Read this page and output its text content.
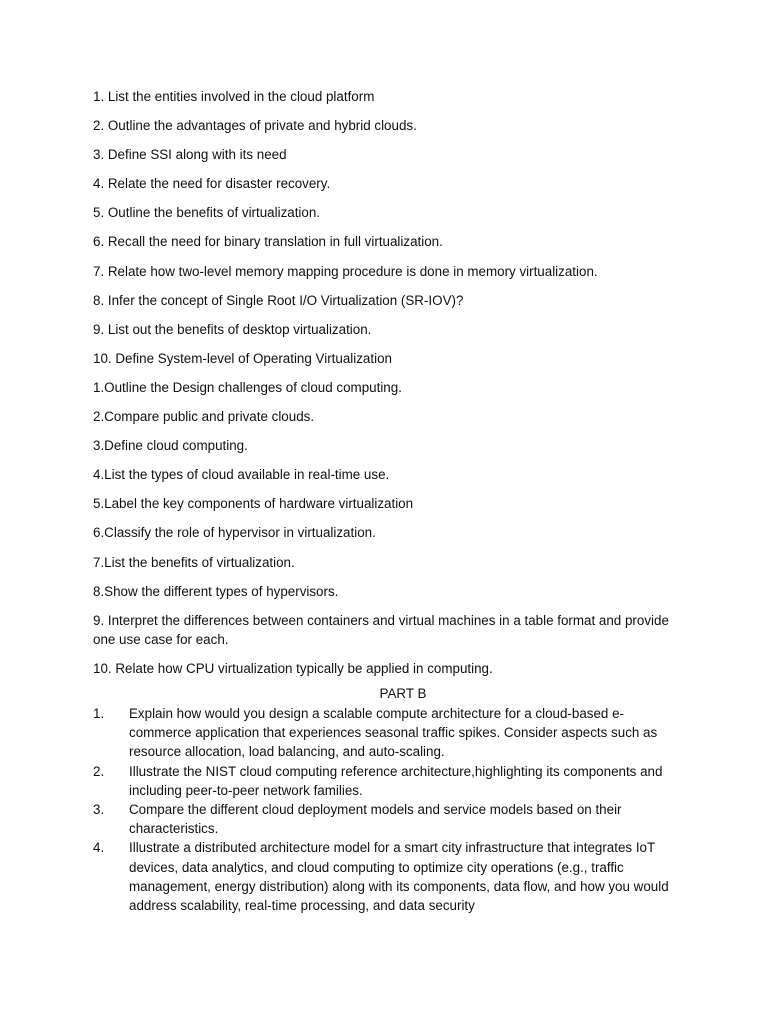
1. List the entities involved in the cloud platform

2. Outline the advantages of private and hybrid clouds.

3. Define SSI along with its need

4. Relate the need for disaster recovery.

5. Outline the benefits of virtualization.

6. Recall the need for binary translation in full virtualization.

7. Relate how two-level memory mapping procedure is done in memory virtualization.

8. Infer the concept of Single Root I/O Virtualization (SR-IOV)?

9. List out the benefits of desktop virtualization.

10. Define System-level of Operating Virtualization

1.Outline the Design challenges of cloud computing.

2.Compare public and private clouds.

3.Define cloud computing.

4.List the types of cloud available in real-time use.

5.Label the key components of hardware virtualization

6.Classify the role of hypervisor in virtualization.

7.List the benefits of virtualization.

8.Show the different types of hypervisors.

9. Interpret the differences between containers and virtual machines in a table format and provide one use case for each.

10. Relate how CPU virtualization typically be applied in computing.

PART B
1.	Explain how would you design a scalable compute architecture for a cloud-based e-commerce application that experiences seasonal traffic spikes. Consider aspects such as resource allocation, load balancing, and auto-scaling.
2.	Illustrate the NIST cloud computing reference architecture,highlighting its components and including peer-to-peer network families.
3.	Compare the different cloud deployment models and service models based on their characteristics.
4.	Illustrate a distributed architecture model for a smart city infrastructure that integrates IoT devices, data analytics, and cloud computing to optimize city operations (e.g., traffic management, energy distribution) along with its components, data flow, and how you would address scalability, real-time processing, and data security
